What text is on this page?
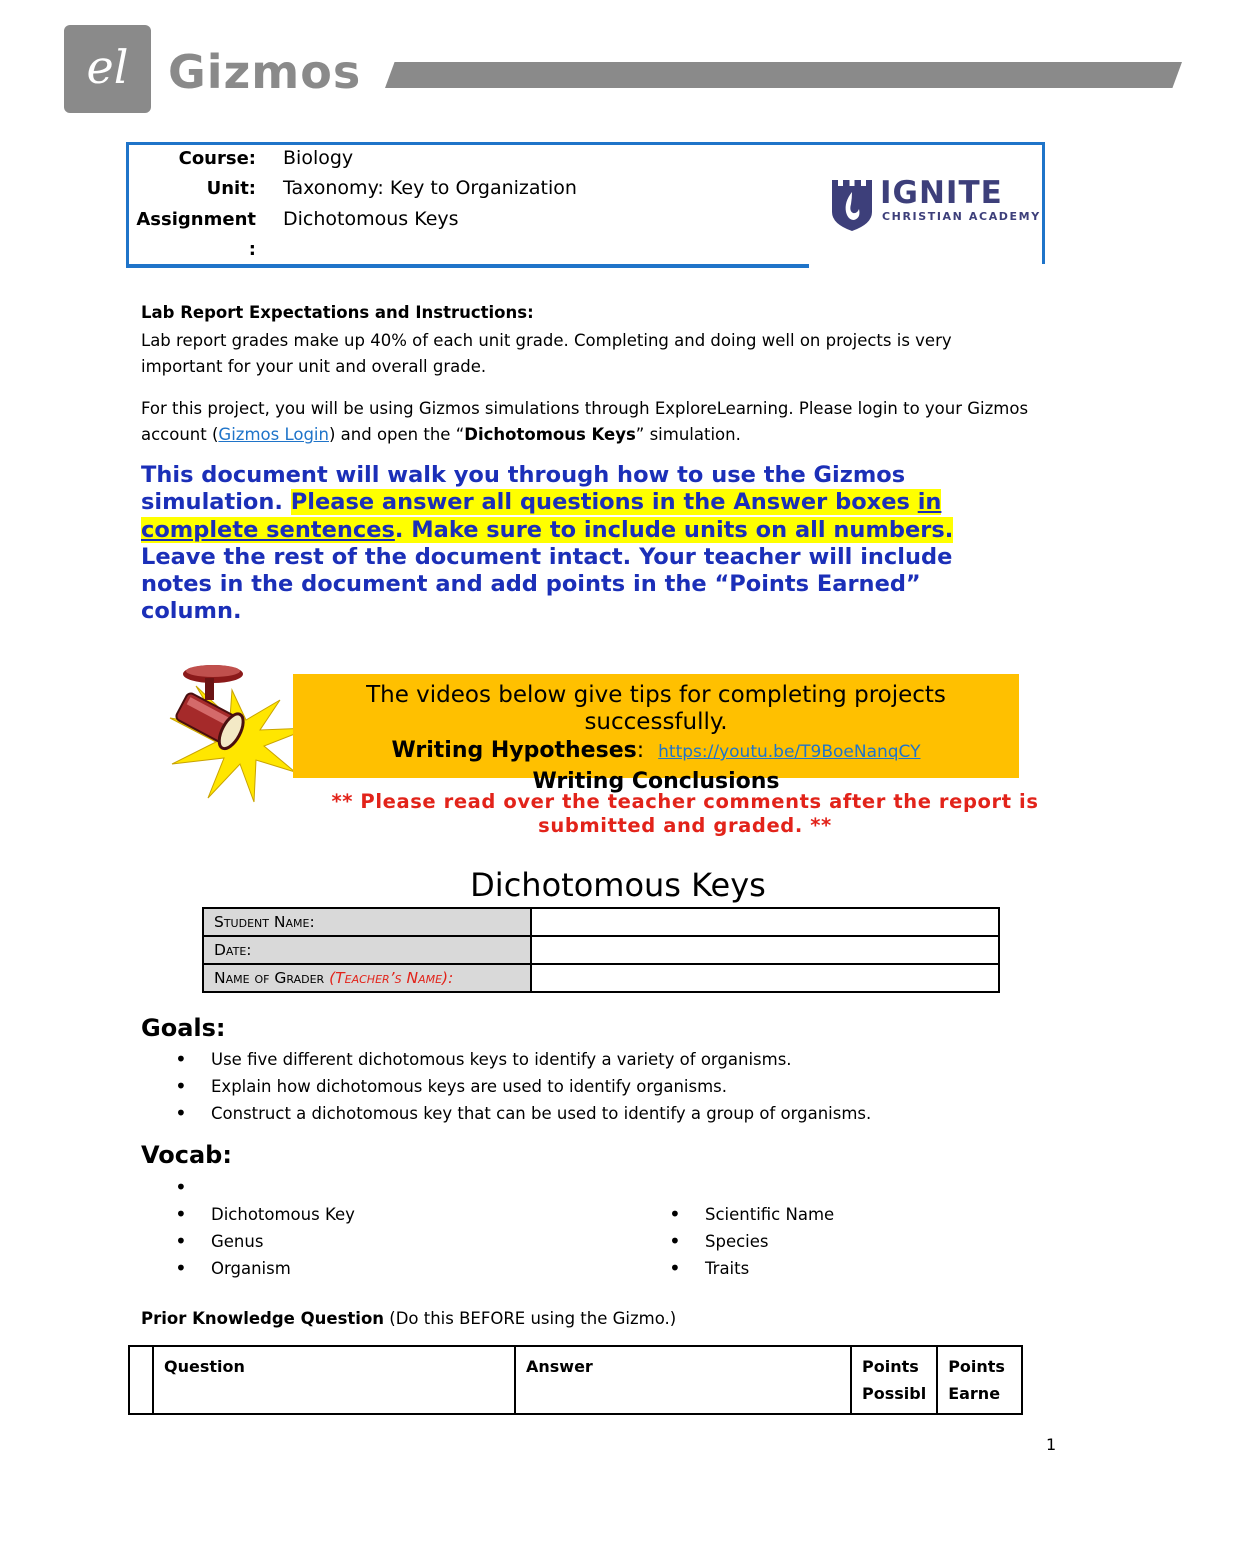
el Gizmos
Course: Biology
Unit: Taxonomy: Key to Organization
Assignment
:
Dichotomous Keys
IGNITE
CHRISTIAN ACADEMY
Lab Report Expectations and Instructions:
Lab report grades make up 40% of each unit grade. Completing and doing well on projects is very important for your unit and overall grade.
For this project, you will be using Gizmos simulations through ExploreLearning. Please login to your Gizmos account (Gizmos Login) and open the “Dichotomous Keys” simulation.
This document will walk you through how to use the Gizmos simulation. Please answer all questions in the Answer boxes in complete sentences. Make sure to include units on all numbers. Leave the rest of the document intact. Your teacher will include notes in the document and add points in the “Points Earned” column.
The videos below give tips for completing projects successfully.
Writing Hypotheses: https://youtu.be/T9BoeNanqCY
Writing Conclusions
** Please read over the teacher comments after the report is submitted and graded. **
Dichotomous Keys
Student Name:	
Date:	
Name of Grader (Teacher’s Name):	
Goals:
• Use five different dichotomous keys to identify a variety of organisms.
• Explain how dichotomous keys are used to identify organisms.
• Construct a dichotomous key that can be used to identify a group of organisms.
Vocab:
•
• Dichotomous Key
• Genus
• Organism
• Scientific Name
• Species
• Traits
Prior Knowledge Question (Do this BEFORE using the Gizmo.)
	Question	Answer	Points Possibl	Points Earne
1
